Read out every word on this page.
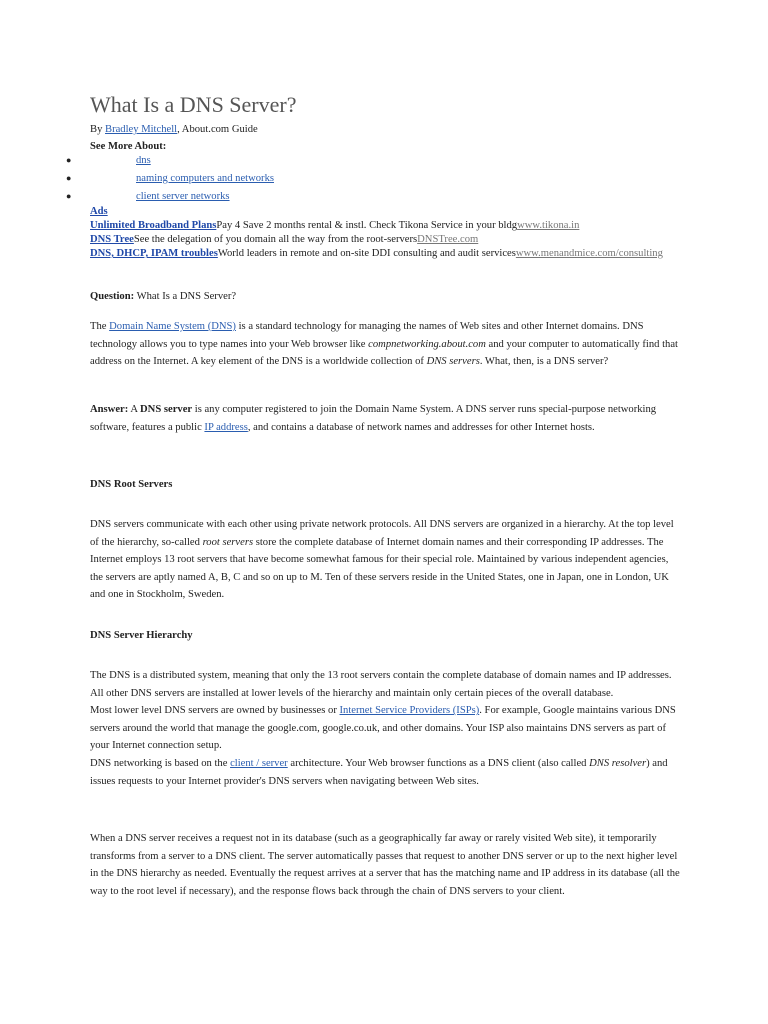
What Is a DNS Server?
By Bradley Mitchell, About.com Guide
See More About:
●	dns
●	naming computers and networks
●	client server networks
Ads
Unlimited Broadband PlansPay 4 Save 2 months rental & instl. Check Tikona Service in your bldgwww.tikona.in
DNS TreeSee the delegation of you domain all the way from the root-serversDNSTree.com
DNS, DHCP, IPAM troublesWorld leaders in remote and on-site DDI consulting and audit serviceswww.menandmice.com/consulting
Question: What Is a DNS Server?
The Domain Name System (DNS) is a standard technology for managing the names of Web sites and other Internet domains. DNS technology allows you to type names into your Web browser like compnetworking.about.com and your computer to automatically find that address on the Internet. A key element of the DNS is a worldwide collection of DNS servers. What, then, is a DNS server?
Answer: A DNS server is any computer registered to join the Domain Name System. A DNS server runs special-purpose networking software, features a public IP address, and contains a database of network names and addresses for other Internet hosts.
DNS Root Servers
DNS servers communicate with each other using private network protocols. All DNS servers are organized in a hierarchy. At the top level of the hierarchy, so-called root servers store the complete database of Internet domain names and their corresponding IP addresses. The Internet employs 13 root servers that have become somewhat famous for their special role. Maintained by various independent agencies, the servers are aptly named A, B, C and so on up to M. Ten of these servers reside in the United States, one in Japan, one in London, UK and one in Stockholm, Sweden.
DNS Server Hierarchy
The DNS is a distributed system, meaning that only the 13 root servers contain the complete database of domain names and IP addresses. All other DNS servers are installed at lower levels of the hierarchy and maintain only certain pieces of the overall database.
Most lower level DNS servers are owned by businesses or Internet Service Providers (ISPs). For example, Google maintains various DNS servers around the world that manage the google.com, google.co.uk, and other domains. Your ISP also maintains DNS servers as part of your Internet connection setup.
DNS networking is based on the client / server architecture. Your Web browser functions as a DNS client (also called DNS resolver) and issues requests to your Internet provider's DNS servers when navigating between Web sites.
When a DNS server receives a request not in its database (such as a geographically far away or rarely visited Web site), it temporarily transforms from a server to a DNS client. The server automatically passes that request to another DNS server or up to the next higher level in the DNS hierarchy as needed. Eventually the request arrives at a server that has the matching name and IP address in its database (all the way to the root level if necessary), and the response flows back through the chain of DNS servers to your client.
